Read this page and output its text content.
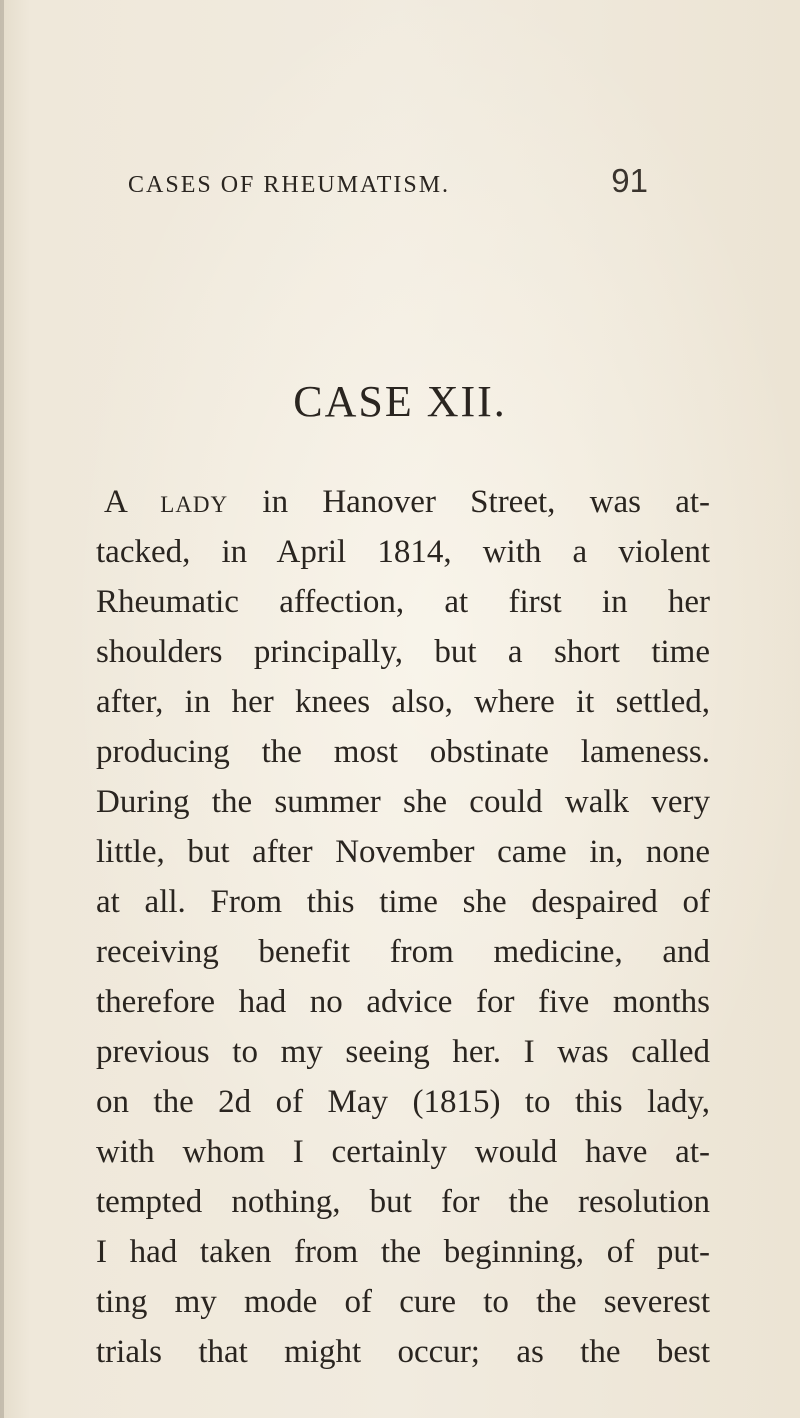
CASES OF RHEUMATISM.	91
CASE XII.
A lady in Hanover Street, was at-
tacked, in April 1814, with a violent
Rheumatic affection, at first in her
shoulders principally, but a short time
after, in her knees also, where it settled,
producing the most obstinate lameness.
During the summer she could walk very
little, but after November came in, none
at all. From this time she despaired of
receiving benefit from medicine, and
therefore had no advice for five months
previous to my seeing her. I was called
on the 2d of May (1815) to this lady,
with whom I certainly would have at-
tempted nothing, but for the resolution
I had taken from the beginning, of put-
ting my mode of cure to the severest
trials that might occur; as the best
